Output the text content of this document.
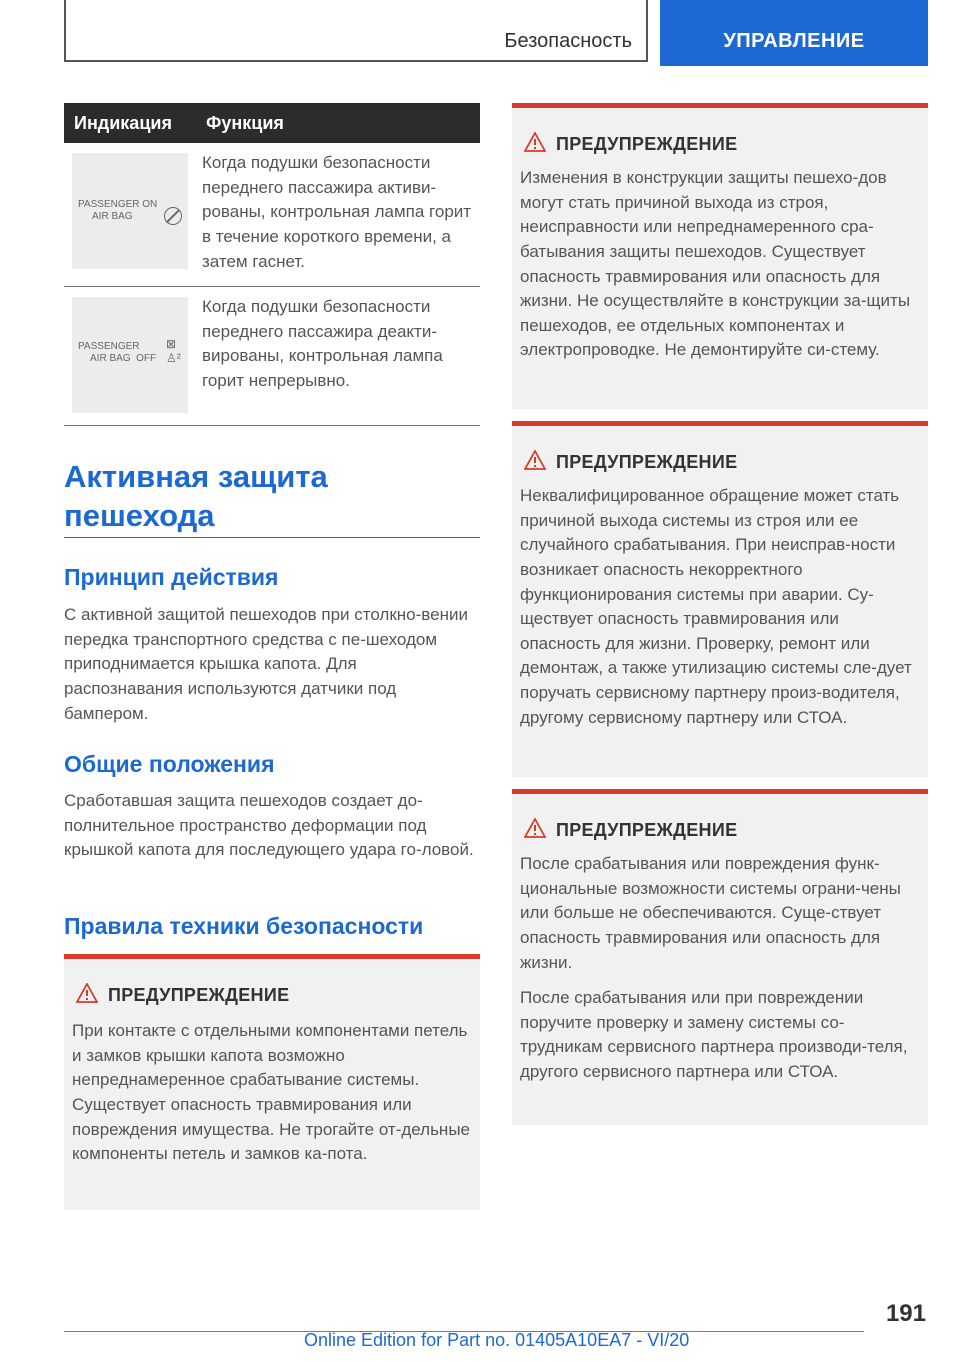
Безопасность	УПРАВЛЕНИЕ
Индикация	Функция

PASSENGER ON
AIR BAG	Когда подушки безопасности переднего пассажира активи-рованы, контрольная лампа горит в течение короткого времени, а затем гаснет.

PASSENGER
AIR BAG  OFF
⊠
♙²	Когда подушки безопасности переднего пассажира деакти-вированы, контрольная лампа горит непрерывно.
Активная защита пешехода
Принцип действия

С активной защитой пешеходов при столкно-вении передка транспортного средства с пе-шеходом приподнимается крышка капота. Для распознавания используются датчики под бампером.

Общие положения

Сработавшая защита пешеходов создает до-полнительное пространство деформации под крышкой капота для последующего удара го-ловой.

Правила техники безопасности
ПРЕДУПРЕЖДЕНИЕ
При контакте с отдельными компонентами петель и замков крышки капота возможно непреднамеренное срабатывание системы. Существует опасность травмирования или повреждения имущества. Не трогайте от-дельные компоненты петель и замков ка-пота.
ПРЕДУПРЕЖДЕНИЕ
Изменения в конструкции защиты пешехо-дов могут стать причиной выхода из строя, неисправности или непреднамеренного сра-батывания защиты пешеходов. Существует опасность травмирования или опасность для жизни. Не осуществляйте в конструкции за-щиты пешеходов, ее отдельных компонентах и электропроводке. Не демонтируйте си-стему.
ПРЕДУПРЕЖДЕНИЕ
Неквалифицированное обращение может стать причиной выхода системы из строя или ее случайного срабатывания. При неисправ-ности возникает опасность некорректного функционирования системы при аварии. Су-ществует опасность травмирования или опасность для жизни. Проверку, ремонт или демонтаж, а также утилизацию системы сле-дует поручать сервисному партнеру произ-водителя, другому сервисному партнеру или СТОА.
ПРЕДУПРЕЖДЕНИЕ
После срабатывания или повреждения функ-циональные возможности системы ограни-чены или больше не обеспечиваются. Суще-ствует опасность травмирования или опасность для жизни.
После срабатывания или при повреждении поручите проверку и замену системы со-трудникам сервисного партнера производи-теля, другого сервисного партнера или СТОА.
191
Online Edition for Part no. 01405A10EA7 - VI/20
